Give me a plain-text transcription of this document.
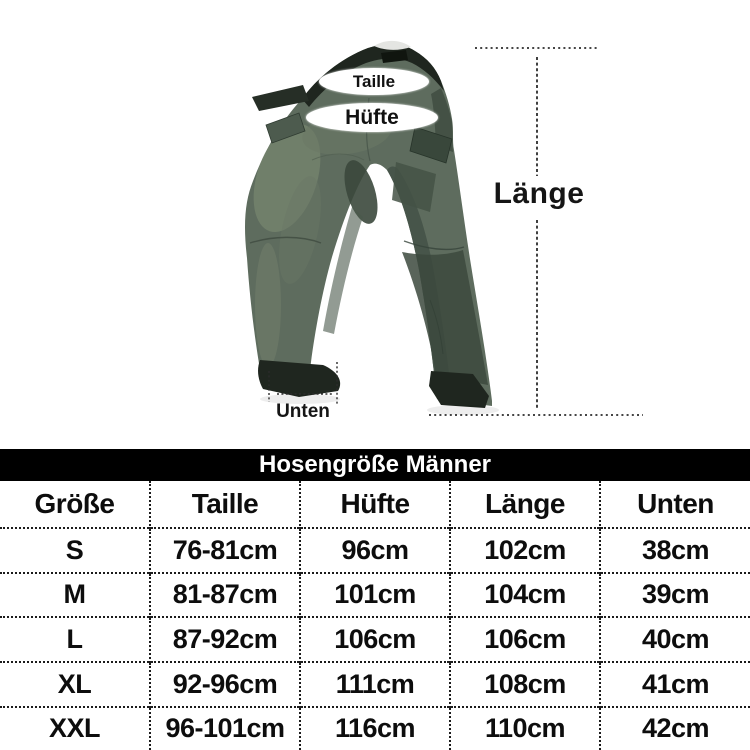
Taille
Hüfte
Länge
Unten
Hosengröße Männer
Größe	Taille	Hüfte	Länge	Unten
S	76-81cm	96cm	102cm	38cm
M	81-87cm	101cm	104cm	39cm
L	87-92cm	106cm	106cm	40cm
XL	92-96cm	111cm	108cm	41cm
XXL	96-101cm	116cm	110cm	42cm
